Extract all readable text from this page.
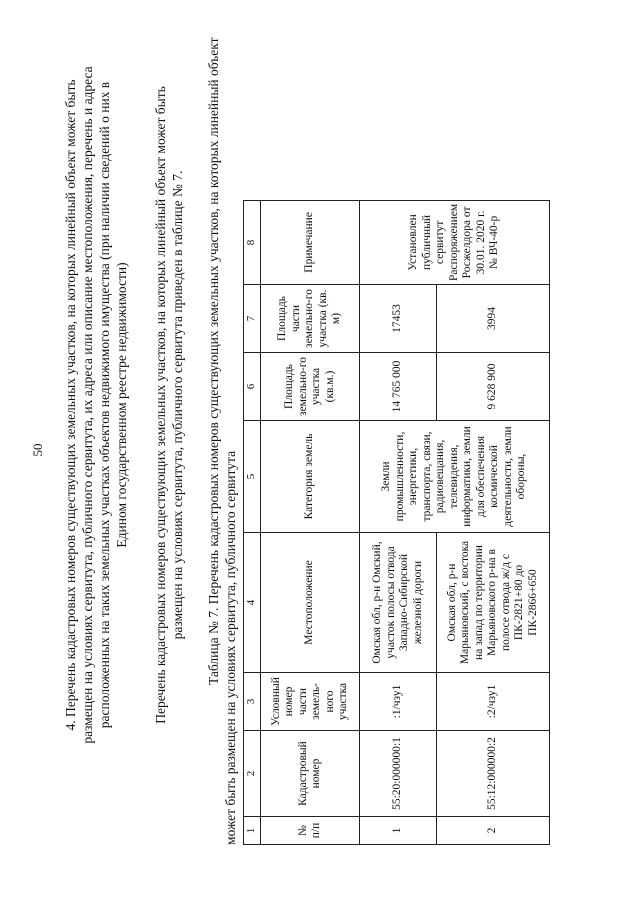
50 4. Перечень кадастровых номеров существующих земельных участков, на которых линейный объект может быть размещен на условиях сервитута, публичного сервитута, их адреса или описание местоположения, перечень и адреса расположенных на таких земельных участках объектов недвижимого имущества (при наличии сведений о них в Едином государственном реестре недвижимости) Перечень кадастровых номеров существующих земельных участков, на которых линейный объект может быть размещен на условиях сервитута, публичного сервитута приведен в таблице № 7. Таблица № 7. Перечень кадастровых номеров существующих земельных участков, на которых линейный объект может быть размещен на условиях сервитута, публичного сервитута 1	2	3	4	5	6	7	8
№ п/п	Кадастровый номер	Условный номер части земель-ного участка	Местоположение	Категория земель	Площадь земельно-го участка (кв.м.)	Площадь части земельно-го участка (кв. м)	Примечание
1	55:20:000000:1	:1/чзу1	Омская обл, р-н Омский, участок полосы отвода Западно-Сибирской железной дороги	Земли промышленности, энергетики, транспорта, связи, радиовещания, телевидения, информатики, земли для обеспечения космической деятельности, земли обороны,	14 765 000	17453	Установлен публичный сервитут Распоряжением Росжелдора от 30.01. 2020 г. № ВЧ-40-р
2	55:12:000000:2	:2/чзу1	Омская обл, р-н Марьяновский, с востока на запад по территории Марьяновского р-на в полосе отвода ж/д с ПК-2821+80 до ПК-2866+650		9 628 900	3994	
